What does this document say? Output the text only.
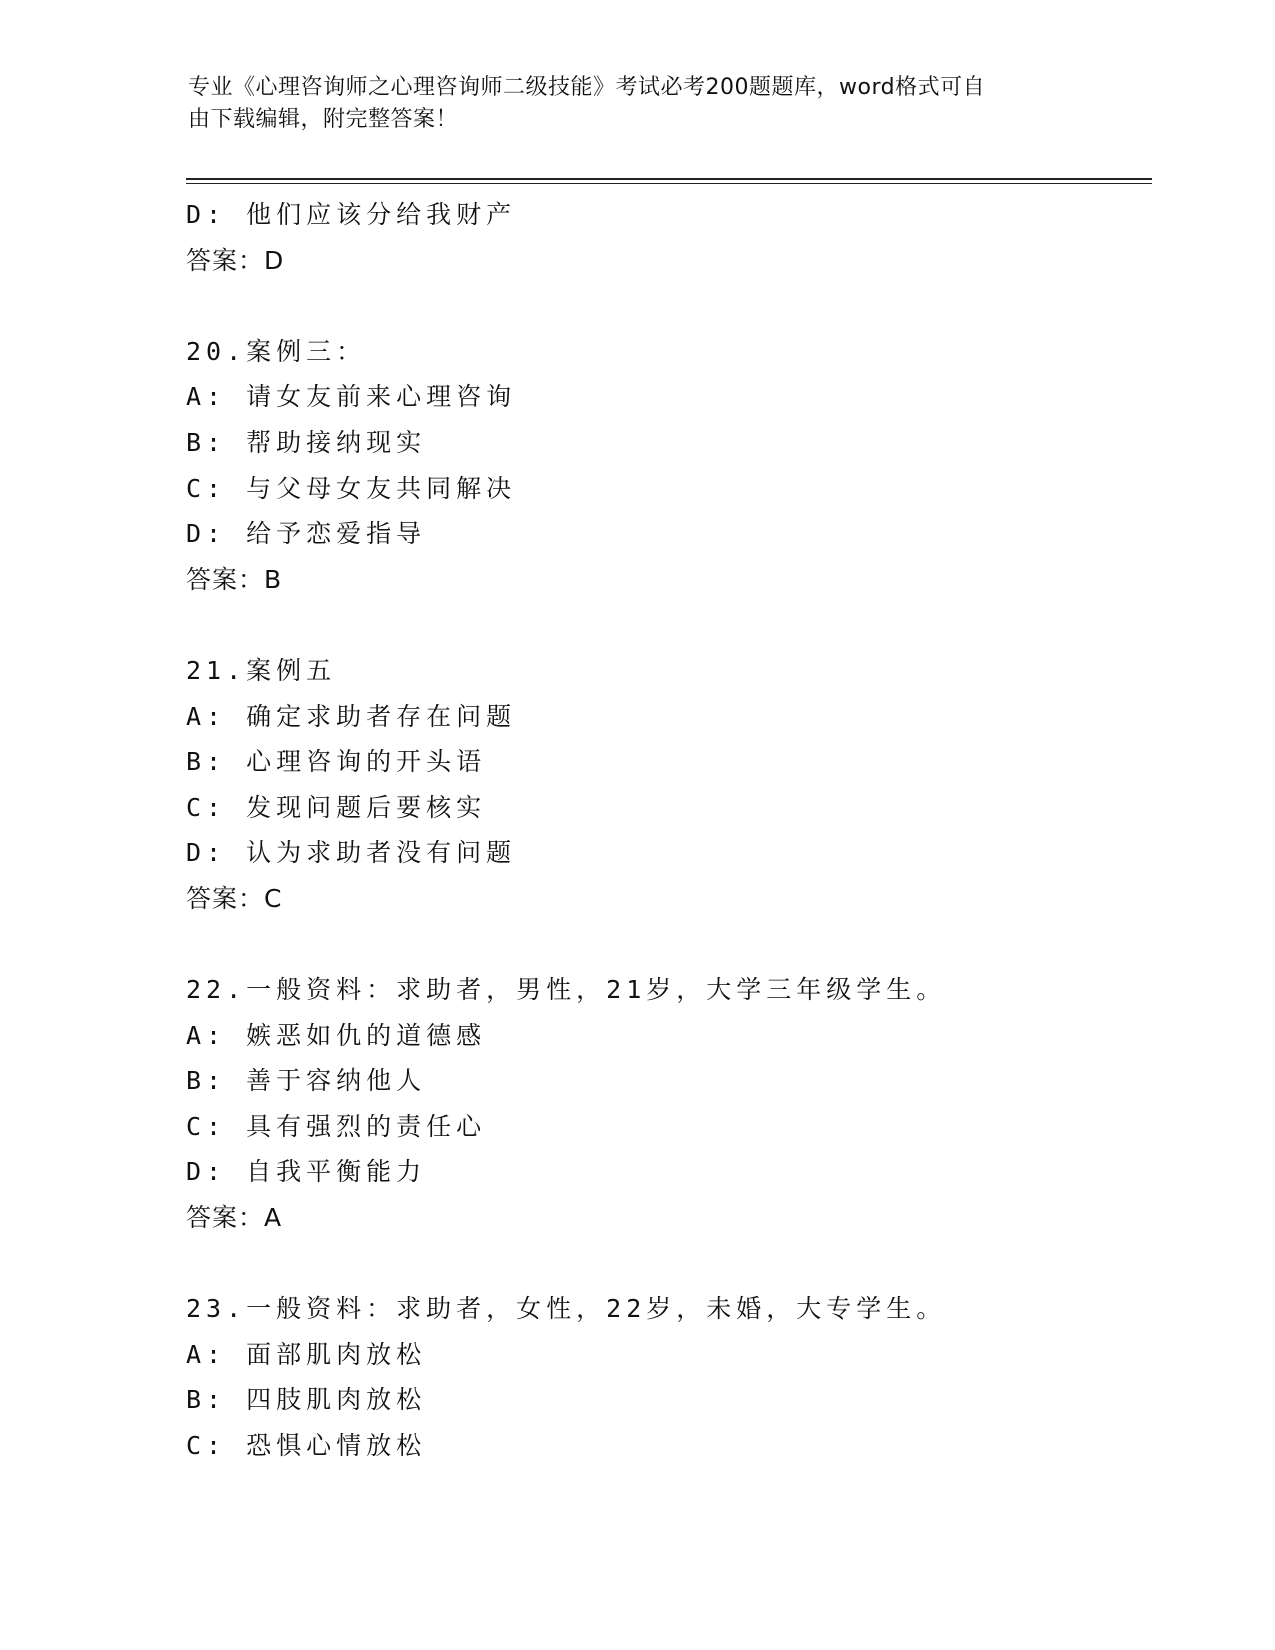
专业《心理咨询师之心理咨询师二级技能》考试必考200题题库，word格式可自
由下载编辑，附完整答案！
D: 他们应该分给我财产
答案：D
20.案例三：
A: 请女友前来心理咨询
B: 帮助接纳现实
C: 与父母女友共同解决
D: 给予恋爱指导
答案：B
21.案例五
A: 确定求助者存在问题
B: 心理咨询的开头语
C: 发现问题后要核实
D: 认为求助者没有问题
答案：C
22.一般资料：求助者，男性，21岁，大学三年级学生。
A: 嫉恶如仇的道德感
B: 善于容纳他人
C: 具有强烈的责任心
D: 自我平衡能力
答案：A
23.一般资料：求助者，女性，22岁，未婚，大专学生。
A: 面部肌肉放松
B: 四肢肌肉放松
C: 恐惧心情放松
